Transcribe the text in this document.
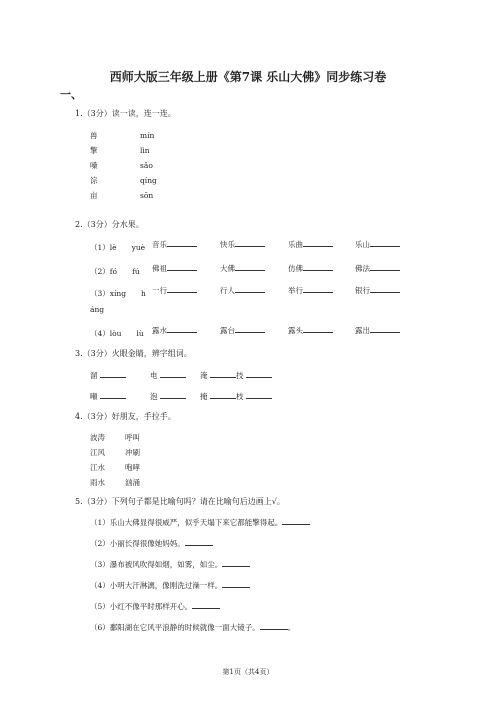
西师大版三年级上册《第7课 乐山大佛》同步练习卷
一、
1.（3分）读一读，连一连。
兽
擎
嗓
淙
亩
mín
lìn
sǎo
qíng
sōn
2.（3分）分水果。
（1）lè　　yuè 音乐	快乐	乐曲	乐山
（2）fó　　fú 佛祖	大佛	仿佛	佛法
（3）xíng　　h 一行	行人	举行	银行
áng
（4）lòu　　lù 露水	露台	露头	露出
3.（3分）火眼金睛，辨字组词。
溜	电	淹	技
噸	泡	掩	枝
4.（3分）好朋友，手拉手。
波涛
江风
江水
雨水
呼叫
冲刷
咆哮
汹涌
5.（3分）下列句子都是比喻句吗？请在比喻句后边画上√。
（1）乐山大佛显得很威严，似乎天塌下来它都能擎得起。
（2）小丽长得很像她妈妈。
（3）瀑布被风吹得如烟，如雾，如尘。
（4）小明大汗淋漓，像刚洗过澡一样。
（5）小红不像平时那样开心。
（6）鄱阳湖在它风平浪静的时候就像一面大镜子。	。
第1页（共4页）
